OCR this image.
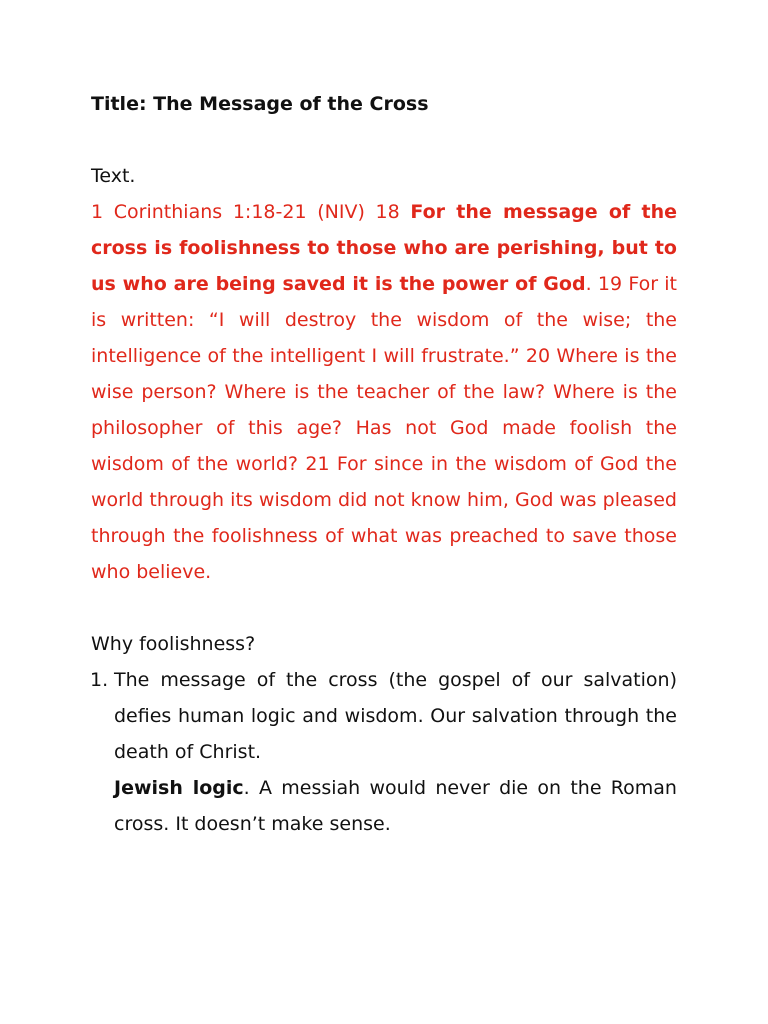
Title: The Message of the Cross

Text.

1 Corinthians 1:18-21 (NIV) 18 For the message of the cross is foolishness to those who are perishing, but to us who are being saved it is the power of God. 19 For it is written: “I will destroy the wisdom of the wise; the intelligence of the intelligent I will frustrate.” 20 Where is the wise person? Where is the teacher of the law? Where is the philosopher of this age? Has not God made foolish the wisdom of the world? 21 For since in the wisdom of God the world through its wisdom did not know him, God was pleased through the foolishness of what was preached to save those who believe.

Why foolishness?

1. The message of the cross (the gospel of our salvation) defies human logic and wisdom. Our salvation through the death of Christ.

Jewish logic. A messiah would never die on the Roman cross. It doesn’t make sense.
